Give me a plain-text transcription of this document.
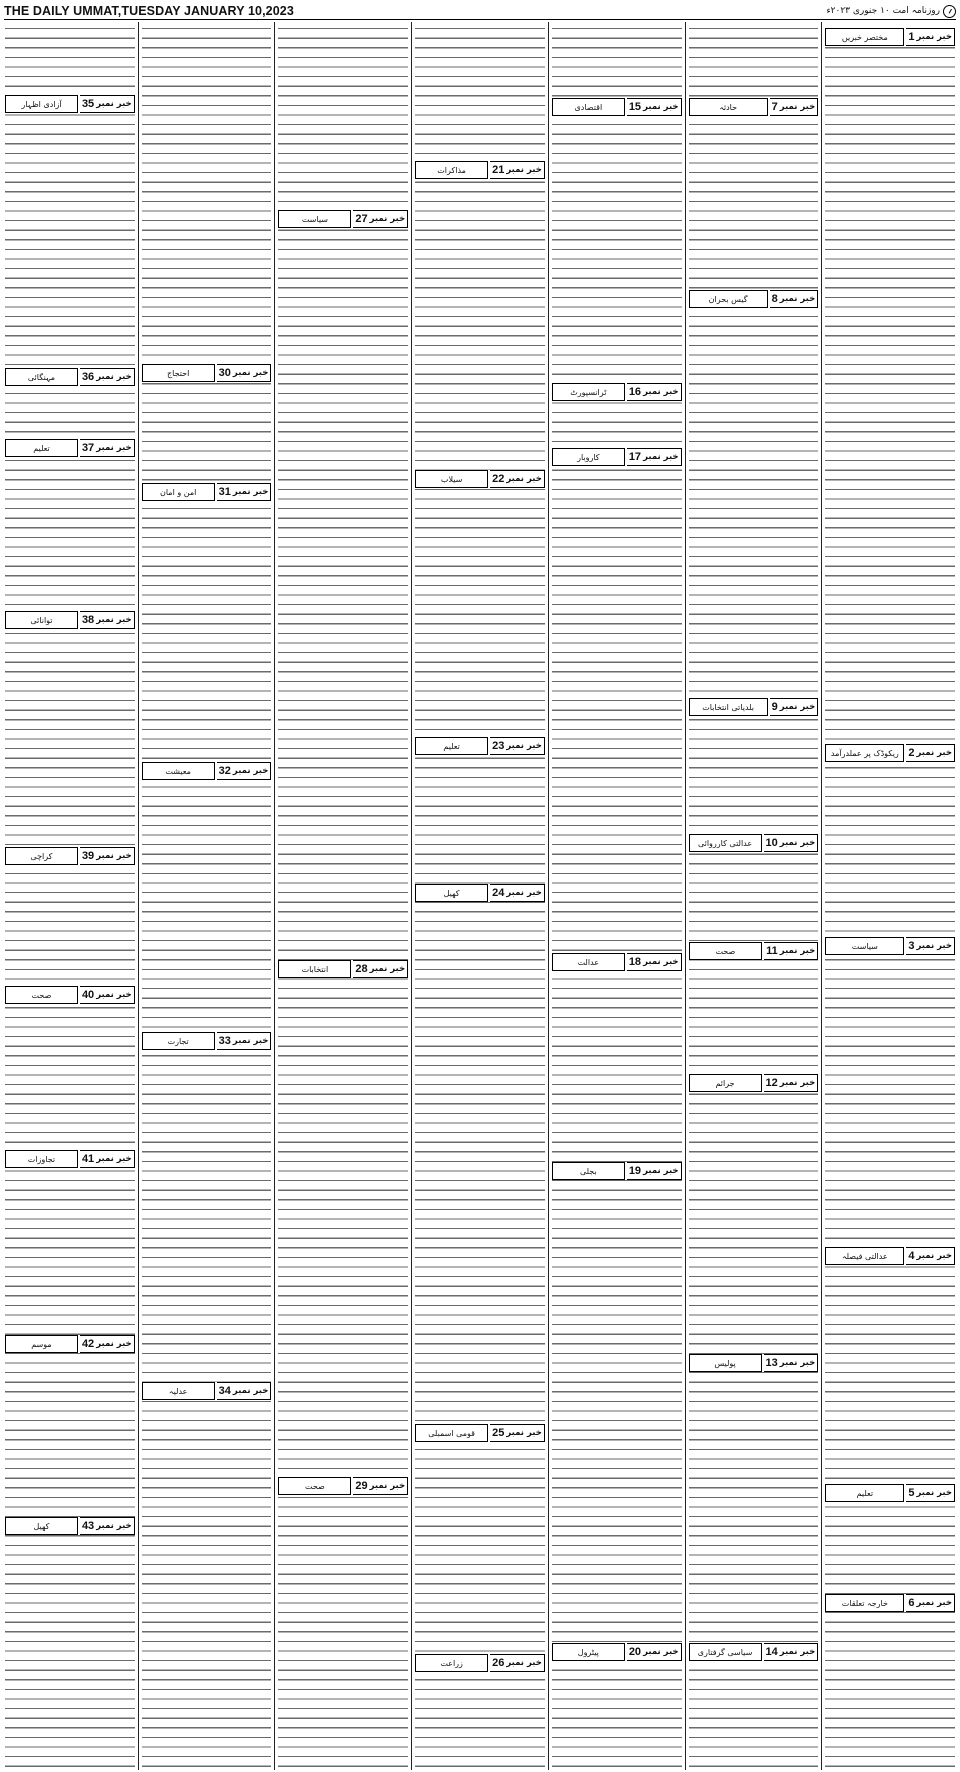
THE DAILY UMMAT,TUESDAY JANUARY 10,2023	روزنامہ امت ۱۰ جنوری ۲۰۲۳ء
خبر نمبر
1
مختصر خبریں
خبر نمبر
2
ریکوڈک پر عملدرآمد
خبر نمبر
3
سیاست
خبر نمبر
4
عدالتی فیصلہ
خبر نمبر
5
تعلیم
خبر نمبر
6
خارجہ تعلقات
خبر نمبر
7
حادثہ
خبر نمبر
8
گیس بحران
خبر نمبر
9
بلدیاتی انتخابات
خبر نمبر
10
عدالتی کارروائی
خبر نمبر
11
صحت
خبر نمبر
12
جرائم
خبر نمبر
13
پولیس
خبر نمبر
14
سیاسی گرفتاری
خبر نمبر
15
اقتصادی
خبر نمبر
16
ٹرانسپورٹ
خبر نمبر
17
کاروبار
خبر نمبر
18
عدالت
خبر نمبر
19
بجلی
خبر نمبر
20
پیٹرول
خبر نمبر
21
مذاکرات
خبر نمبر
22
سیلاب
خبر نمبر
23
تعلیم
خبر نمبر
24
کھیل
خبر نمبر
25
قومی اسمبلی
خبر نمبر
26
زراعت
خبر نمبر
27
سیاست
خبر نمبر
28
انتخابات
خبر نمبر
29
صحت
خبر نمبر
30
احتجاج
خبر نمبر
31
امن و امان
خبر نمبر
32
معیشت
خبر نمبر
33
تجارت
خبر نمبر
34
عدلیہ
خبر نمبر
35
آزادی اظہار
خبر نمبر
36
مہنگائی
خبر نمبر
37
تعلیم
خبر نمبر
38
توانائی
خبر نمبر
39
کراچی
خبر نمبر
40
صحت
خبر نمبر
41
تجاوزات
خبر نمبر
42
موسم
خبر نمبر
43
کھیل
